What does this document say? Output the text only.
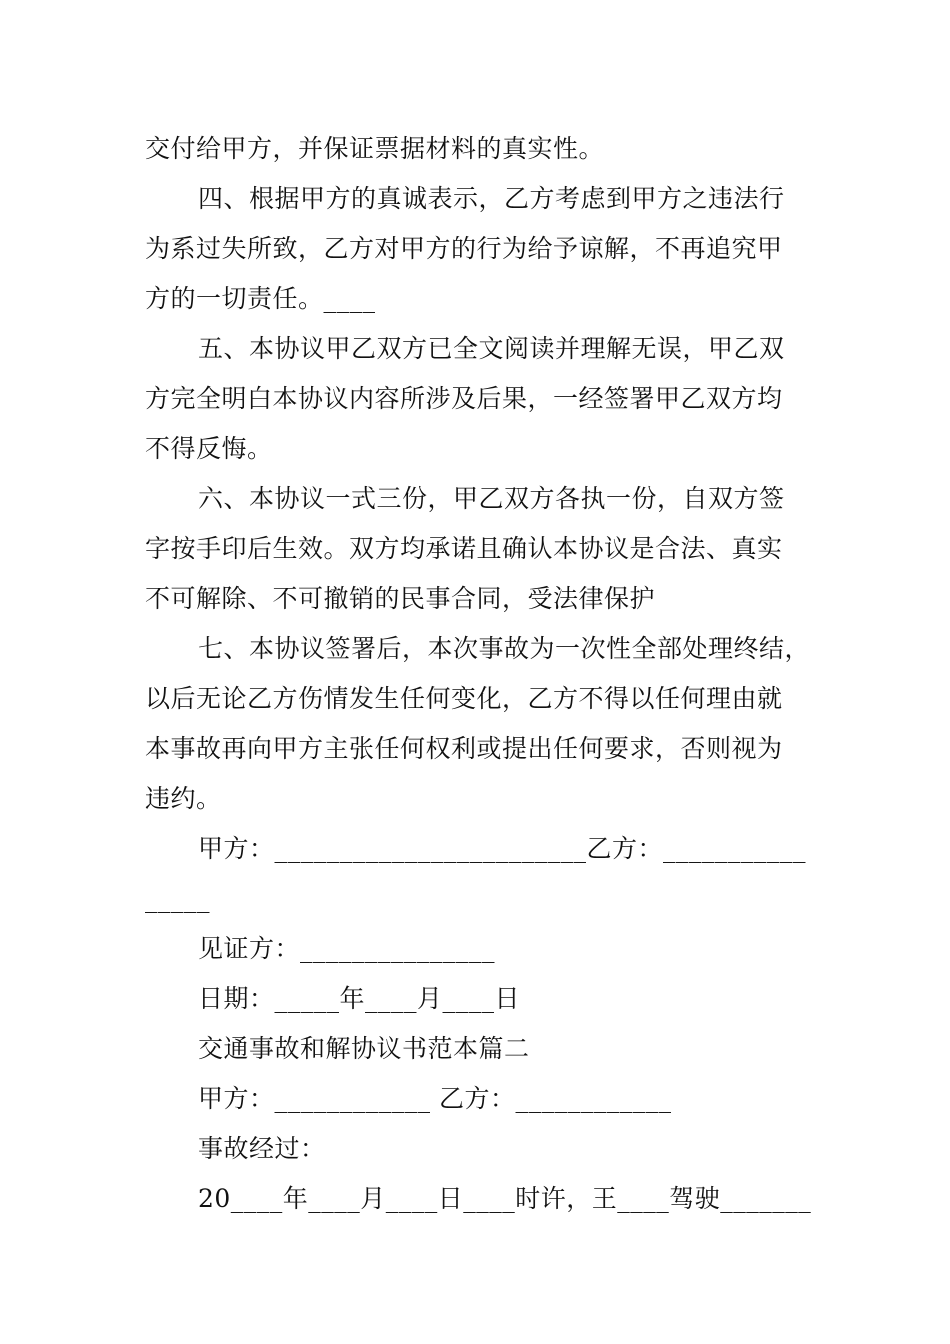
交付给甲方，并保证票据材料的真实性。
四、根据甲方的真诚表示，乙方考虑到甲方之违法行
为系过失所致，乙方对甲方的行为给予谅解，不再追究甲
方的一切责任。____
五、本协议甲乙双方已全文阅读并理解无误，甲乙双
方完全明白本协议内容所涉及后果，一经签署甲乙双方均
不得反悔。
六、本协议一式三份，甲乙双方各执一份，自双方签
字按手印后生效。双方均承诺且确认本协议是合法、真实
不可解除、不可撤销的民事合同，受法律保护
七、本协议签署后，本次事故为一次性全部处理终结，
以后无论乙方伤情发生任何变化，乙方不得以任何理由就
本事故再向甲方主张任何权利或提出任何要求，否则视为
违约。
甲方：________________________乙方：___________
_____
见证方：_______________
日期：_____年____月____日
交通事故和解协议书范本篇二
甲方：____________ 乙方：____________
事故经过：
20____年____月____日____时许，王____驾驶_______
